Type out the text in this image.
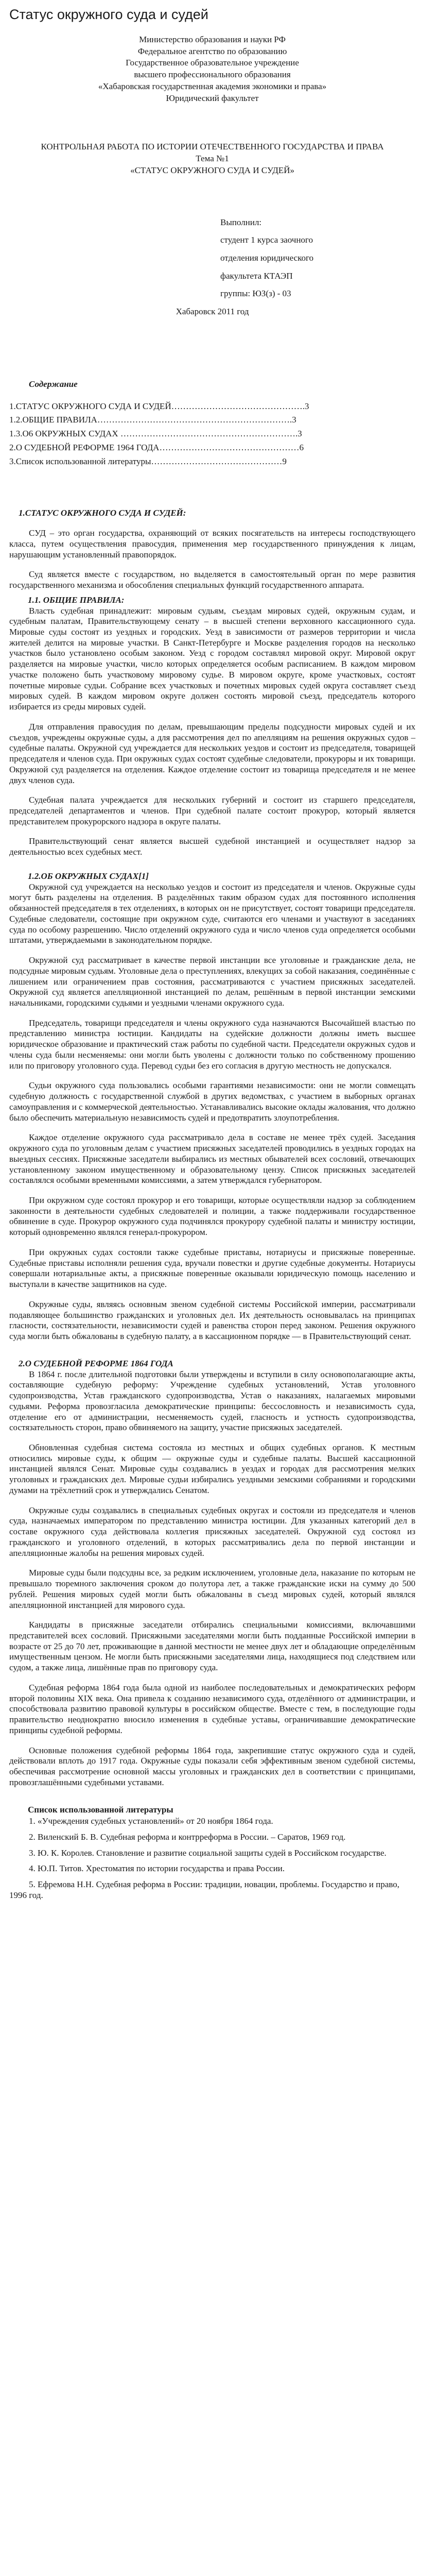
Статус окружного суда и судей
Министерство образования и науки РФ
Федеральное агентство по образованию
Государственное образовательное учреждение
высшего профессионального образования
«Хабаровская государственная академия экономики и права»
Юридический факультет
КОНТРОЛЬНАЯ РАБОТА ПО ИСТОРИИ ОТЕЧЕСТВЕННОГО ГОСУДАРСТВА И ПРАВА
Тема №1
«СТАТУС ОКРУЖНОГО СУДА И СУДЕЙ»
Выполнил:
студент 1 курса заочного
отделения юридического
факультета КТАЭП
группы: ЮЗ(з) - 03
Хабаровск 2011 год
Содержание
1.СТАТУС ОКРУЖНОГО СУДА И СУДЕЙ……………………………………….3
1.2.ОБЩИЕ ПРАВИЛА………………………………………………………….3
1.3.О6 ОКРУЖНЫХ СУДАХ …………………………………………………….3
2.О СУДЕБНОЙ РЕФОРМЕ 1964 ГОДА…………………………………………6
3.Список использованной литературы………………………………………9
1.СТАТУС ОКРУЖНОГО СУДА И СУДЕЙ:

СУД – это орган государства, охраняющий от всяких посягательств на интересы господствующего класса, путем осуществления правосудия, применения мер государственного принуждения к лицам, нарушающим установленный правопорядок.

Суд является вместе с государством, но выделяется в самостоятельный орган по мере развития государственного механизма и обособления специальных функций государственного аппарата.

1.1. ОБЩИЕ ПРАВИЛА:

Власть судебная принадлежит: мировым судьям, съездам мировых судей, окружным судам, и судебным палатам, Правительствующему сенату – в высшей степени верховного кассационного суда. Мировые суды состоят из уездных и городских. Уезд в зависимости от размеров территории и числа жителей делится на мировые участки. В Санкт-Петербурге и Москве разделения городов на несколько участков было установлено особым законом. Уезд с городом составлял мировой округ. Мировой округ разделяется на мировые участки, число которых определяется особым расписанием. В каждом мировом участке положено быть участковому мировому судье. В мировом округе, кроме участковых, состоят почетные мировые судьи. Собрание всех участковых и почетных мировых судей округа составляет съезд мировых судей. В каждом мировом округе должен состоять мировой съезд, председатель которого избирается из среды мировых судей.

Для отправления правосудия по делам, превышающим пределы подсудности мировых судей и их съездов, учреждены окружные суды, а для рассмотрения дел по апелляциям на решения окружных судов – судебные палаты. Окружной суд учреждается для нескольких уездов и состоит из председателя, товарищей председателя и членов суда. При окружных судах состоят судебные следователи, прокуроры и их товарищи. Окружной суд разделяется на отделения. Каждое отделение состоит из товарища председателя и не менее двух членов суда.

Судебная палата учреждается для нескольких губерний и состоит из старшего председателя, председателей департаментов и членов. При судебной палате состоит прокурор, который является представителем прокурорского надзора в округе палаты.

Правительствующий сенат является высшей судебной инстанцией и осуществляет надзор за деятельностью всех судебных мест.

1.2.ОБ ОКРУЖНЫХ СУДАХ[1]

Окружной суд учреждается на несколько уездов и состоит из председателя и членов. Окружные суды могут быть разделены на отделения. В разделённых таким образом судах для постоянного исполнения обязанностей председателя в тех отделениях, в которых он не присутствует, состоят товарищи председателя. Судебные следователи, состоящие при окружном суде, считаются его членами и участвуют в заседаниях суда по особому разрешению. Число отделений окружного суда и число членов суда определяется особыми штатами, утверждаемыми в законодательном порядке.

Окружной суд рассматривает в качестве первой инстанции все уголовные и гражданские дела, не подсудные мировым судьям. Уголовные дела о преступлениях, влекущих за собой наказания, соединённые с лишением или ограничением прав состояния, рассматриваются с участием присяжных заседателей. Окружной суд является апелляционной инстанцией по делам, решённым в первой инстанции земскими начальниками, городскими судьями и уездными членами окружного суда.

Председатель, товарищи председателя и члены окружного суда назначаются Высочайшей властью по представлению министра юстиции. Кандидаты на судейские должности должны иметь высшее юридическое образование и практический стаж работы по судебной части. Председатели окружных судов и члены суда были несменяемы: они могли быть уволены с должности только по собственному прошению или по приговору уголовного суда. Перевод судьи без его согласия в другую местность не допускался.

Судьи окружного суда пользовались особыми гарантиями независимости: они не могли совмещать судебную должность с государственной службой в других ведомствах, с участием в выборных органах самоуправления и с коммерческой деятельностью. Устанавливались высокие оклады жалования, что должно было обеспечить материальную независимость судей и предотвратить злоупотребления.

Каждое отделение окружного суда рассматривало дела в составе не менее трёх судей. Заседания окружного суда по уголовным делам с участием присяжных заседателей проводились в уездных городах на выездных сессиях. Присяжные заседатели выбирались из местных обывателей всех сословий, отвечающих установленному законом имущественному и образовательному цензу. Список присяжных заседателей составлялся особыми временными комиссиями, а затем утверждался губернатором.

При окружном суде состоял прокурор и его товарищи, которые осуществляли надзор за соблюдением законности в деятельности судебных следователей и полиции, а также поддерживали государственное обвинение в суде. Прокурор окружного суда подчинялся прокурору судебной палаты и министру юстиции, который одновременно являлся генерал-прокурором.

При окружных судах состояли также судебные приставы, нотариусы и присяжные поверенные. Судебные приставы исполняли решения суда, вручали повестки и другие судебные документы. Нотариусы совершали нотариальные акты, а присяжные поверенные оказывали юридическую помощь населению и выступали в качестве защитников на суде.

Окружные суды, являясь основным звеном судебной системы Российской империи, рассматривали подавляющее большинство гражданских и уголовных дел. Их деятельность основывалась на принципах гласности, состязательности, независимости судей и равенства сторон перед законом. Решения окружного суда могли быть обжалованы в судебную палату, а в кассационном порядке — в Правительствующий сенат.

2.О СУДЕБНОЙ РЕФОРМЕ 1864 ГОДА

В 1864 г. после длительной подготовки были утверждены и вступили в силу основополагающие акты, составляющие судебную реформу: Учреждение судебных установлений, Устав уголовного судопроизводства, Устав гражданского судопроизводства, Устав о наказаниях, налагаемых мировыми судьями. Реформа провозгласила демократические принципы: бессословность и независимость суда, отделение его от администрации, несменяемость судей, гласность и устность судопроизводства, состязательность сторон, право обвиняемого на защиту, участие присяжных заседателей.

Обновленная судебная система состояла из местных и общих судебных органов. К местным относились мировые суды, к общим — окружные суды и судебные палаты. Высшей кассационной инстанцией являлся Сенат. Мировые суды создавались в уездах и городах для рассмотрения мелких уголовных и гражданских дел. Мировые судьи избирались уездными земскими собраниями и городскими думами на трёхлетний срок и утверждались Сенатом.

Окружные суды создавались в специальных судебных округах и состояли из председателя и членов суда, назначаемых императором по представлению министра юстиции. Для указанных категорий дел в составе окружного суда действовала коллегия присяжных заседателей. Окружной суд состоял из гражданского и уголовного отделений, в которых рассматривались дела по первой инстанции и апелляционные жалобы на решения мировых судей.

Мировые суды были подсудны все, за редким исключением, уголовные дела, наказание по которым не превышало тюремного заключения сроком до полутора лет, а также гражданские иски на сумму до 500 рублей. Решения мировых судей могли быть обжалованы в съезд мировых судей, который являлся апелляционной инстанцией для мирового суда.

Кандидаты в присяжные заседатели отбирались специальными комиссиями, включавшими представителей всех сословий. Присяжными заседателями могли быть подданные Российской империи в возрасте от 25 до 70 лет, проживающие в данной местности не менее двух лет и обладающие определённым имущественным цензом. Не могли быть присяжными заседателями лица, находящиеся под следствием или судом, а также лица, лишённые прав по приговору суда.

Судебная реформа 1864 года была одной из наиболее последовательных и демократических реформ второй половины XIX века. Она привела к созданию независимого суда, отделённого от администрации, и способствовала развитию правовой культуры в российском обществе. Вместе с тем, в последующие годы правительство неоднократно вносило изменения в судебные уставы, ограничивавшие демократические принципы судебной реформы.

Основные положения судебной реформы 1864 года, закрепившие статус окружного суда и судей, действовали вплоть до 1917 года. Окружные суды показали себя эффективным звеном судебной системы, обеспечивая рассмотрение основной массы уголовных и гражданских дел в соответствии с принципами, провозглашёнными судебными уставами.

Список использованной литературы
1. «Учреждения судебных установлений» от 20 ноября 1864 года.
2. Виленский Б. В. Судебная реформа и контрреформа в России. – Саратов, 1969 год.
3. Ю. К. Королев. Становление и развитие социальной защиты судей в Российском государстве.
4. Ю.П. Титов. Хрестоматия по истории государства и права России.
5. Ефремова Н.Н. Судебная реформа в России: традиции, новации, проблемы. Государство и право, 1996 год.
